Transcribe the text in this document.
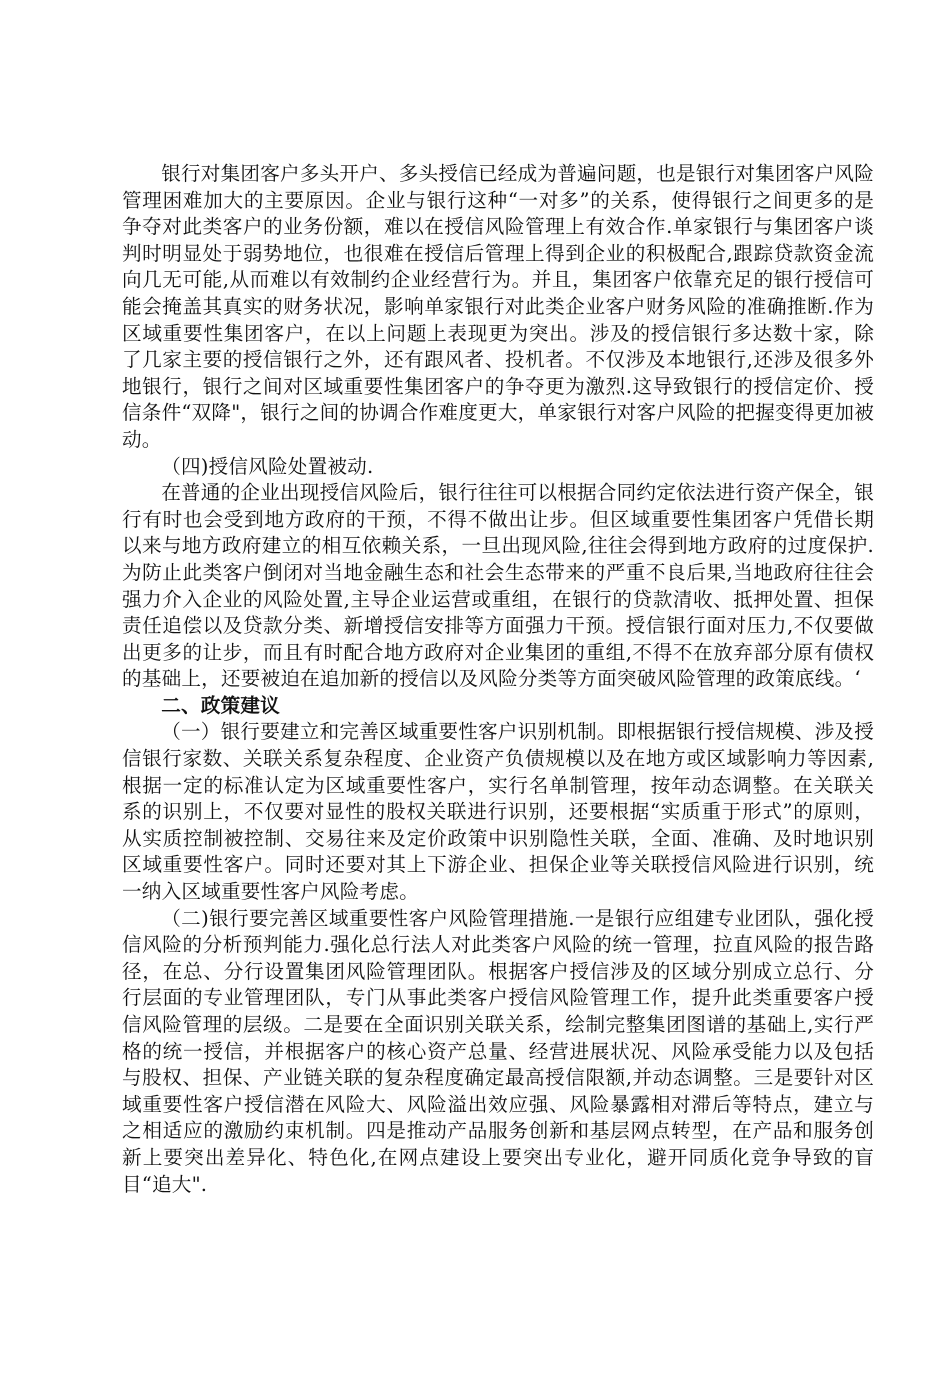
银行对集团客户多头开户、多头授信已经成为普遍问题，也是银行对集团客户风险管理困难加大的主要原因。企业与银行这种“一对多”的关系，使得银行之间更多的是争夺对此类客户的业务份额，难以在授信风险管理上有效合作.单家银行与集团客户谈判时明显处于弱势地位，也很难在授信后管理上得到企业的积极配合,跟踪贷款资金流向几无可能,从而难以有效制约企业经营行为。并且，集团客户依靠充足的银行授信可能会掩盖其真实的财务状况，影响单家银行对此类企业客户财务风险的准确推断.作为区域重要性集团客户，在以上问题上表现更为突出。涉及的授信银行多达数十家，除了几家主要的授信银行之外，还有跟风者、投机者。不仅涉及本地银行,还涉及很多外地银行，银行之间对区域重要性集团客户的争夺更为激烈.这导致银行的授信定价、授信条件“双降"，银行之间的协调合作难度更大，单家银行对客户风险的把握变得更加被动。

（四)授信风险处置被动.

在普通的企业出现授信风险后，银行往往可以根据合同约定依法进行资产保全，银行有时也会受到地方政府的干预，不得不做出让步。但区域重要性集团客户凭借长期以来与地方政府建立的相互依赖关系，一旦出现风险,往往会得到地方政府的过度保护.为防止此类客户倒闭对当地金融生态和社会生态带来的严重不良后果,当地政府往往会强力介入企业的风险处置,主导企业运营或重组，在银行的贷款清收、抵押处置、担保责任追偿以及贷款分类、新增授信安排等方面强力干预。授信银行面对压力,不仅要做出更多的让步，而且有时配合地方政府对企业集团的重组,不得不在放弃部分原有债权的基础上，还要被迫在追加新的授信以及风险分类等方面突破风险管理的政策底线。‘

二、政策建议

（一）银行要建立和完善区域重要性客户识别机制。即根据银行授信规模、涉及授信银行家数、关联关系复杂程度、企业资产负债规模以及在地方或区域影响力等因素,根据一定的标准认定为区域重要性客户，实行名单制管理，按年动态调整。在关联关系的识别上，不仅要对显性的股权关联进行识别，还要根据“实质重于形式”的原则，从实质控制被控制、交易往来及定价政策中识别隐性关联，全面、准确、及时地识别区域重要性客户。同时还要对其上下游企业、担保企业等关联授信风险进行识别，统一纳入区域重要性客户风险考虑。

（二)银行要完善区域重要性客户风险管理措施.一是银行应组建专业团队，强化授信风险的分析预判能力.强化总行法人对此类客户风险的统一管理，拉直风险的报告路径，在总、分行设置集团风险管理团队。根据客户授信涉及的区域分别成立总行、分行层面的专业管理团队，专门从事此类客户授信风险管理工作，提升此类重要客户授信风险管理的层级。二是要在全面识别关联关系，绘制完整集团图谱的基础上,实行严格的统一授信，并根据客户的核心资产总量、经营进展状况、风险承受能力以及包括与股权、担保、产业链关联的复杂程度确定最高授信限额,并动态调整。三是要针对区域重要性客户授信潜在风险大、风险溢出效应强、风险暴露相对滞后等特点，建立与之相适应的激励约束机制。四是推动产品服务创新和基层网点转型，在产品和服务创新上要突出差异化、特色化,在网点建设上要突出专业化，避开同质化竞争导致的盲目“追大".
